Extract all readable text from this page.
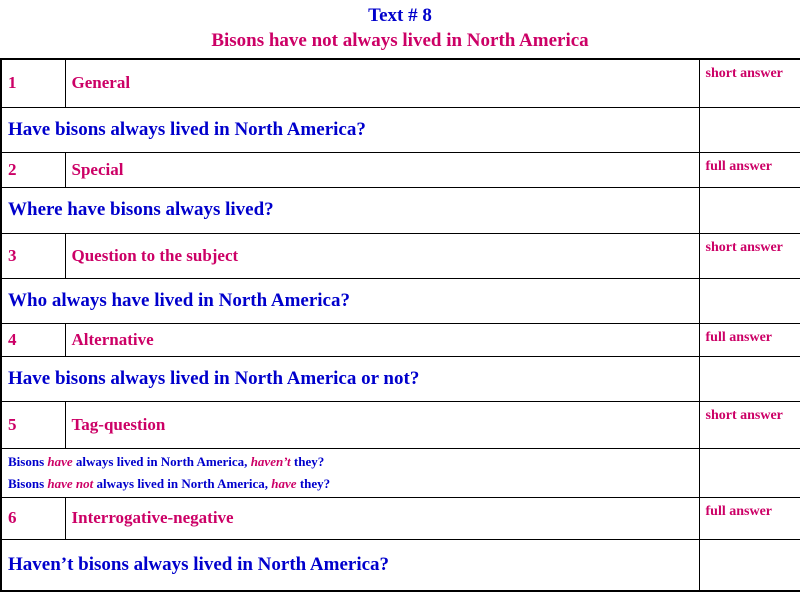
Text # 8
Bisons have not always lived in North America
1	General	short answer
Have bisons always lived in North America?		
2	Special	full answer
Where have bisons always lived?		
3	Question to the subject	short answer
Who always have lived in North America?		
4	Alternative	full answer
Have bisons always lived in North America or not?		
5	Tag-question	short answer

Bisons have always lived in North America, haven’t they?
Bisons have not always lived in North America, have they?		

6	Interrogative-negative	full answer
Haven’t bisons always lived in North America?		
